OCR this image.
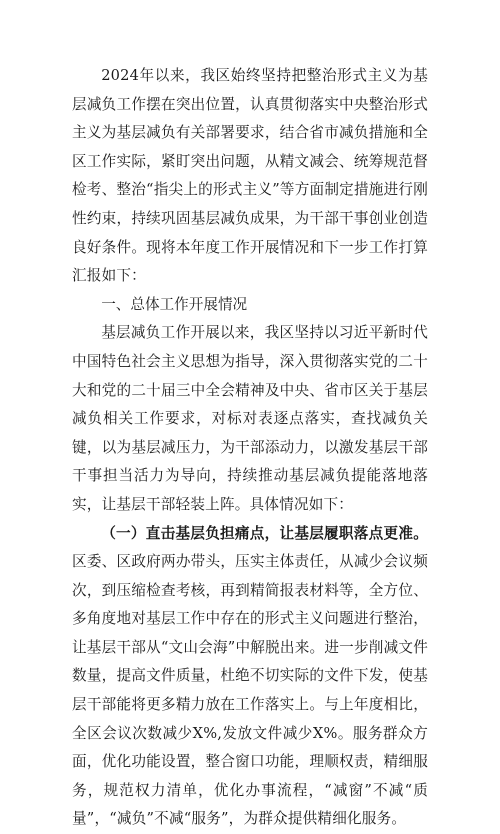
2024年以来，我区始终坚持把整治形式主义为基层减负工作摆在突出位置，认真贯彻落实中央整治形式主义为基层减负有关部署要求，结合省市减负措施和全区工作实际，紧盯突出问题，从精文减会、统筹规范督检考、整治“指尖上的形式主义”等方面制定措施进行刚性约束，持续巩固基层减负成果，为干部干事创业创造良好条件。现将本年度工作开展情况和下一步工作打算汇报如下：

一、总体工作开展情况

基层减负工作开展以来，我区坚持以习近平新时代中国特色社会主义思想为指导，深入贯彻落实党的二十大和党的二十届三中全会精神及中央、省市区关于基层减负相关工作要求，对标对表逐点落实，查找减负关键，以为基层减压力，为干部添动力，以激发基层干部干事担当活力为导向，持续推动基层减负提能落地落实，让基层干部轻装上阵。具体情况如下：

（一）直击基层负担痛点，让基层履职落点更准。区委、区政府两办带头，压实主体责任，从减少会议频次，到压缩检查考核，再到精简报表材料等，全方位、多角度地对基层工作中存在的形式主义问题进行整治，让基层干部从“文山会海”中解脱出来。进一步削减文件数量，提高文件质量，杜绝不切实际的文件下发，使基层干部能将更多精力放在工作落实上。与上年度相比，全区会议次数减少X%,发放文件减少X%。服务群众方面，优化功能设置，整合窗口功能，理顺权责，精细服务，规范权力清单，优化办事流程，“减窗”不减“质量”，“减负”不减“服务”，为群众提供精细化服务。
